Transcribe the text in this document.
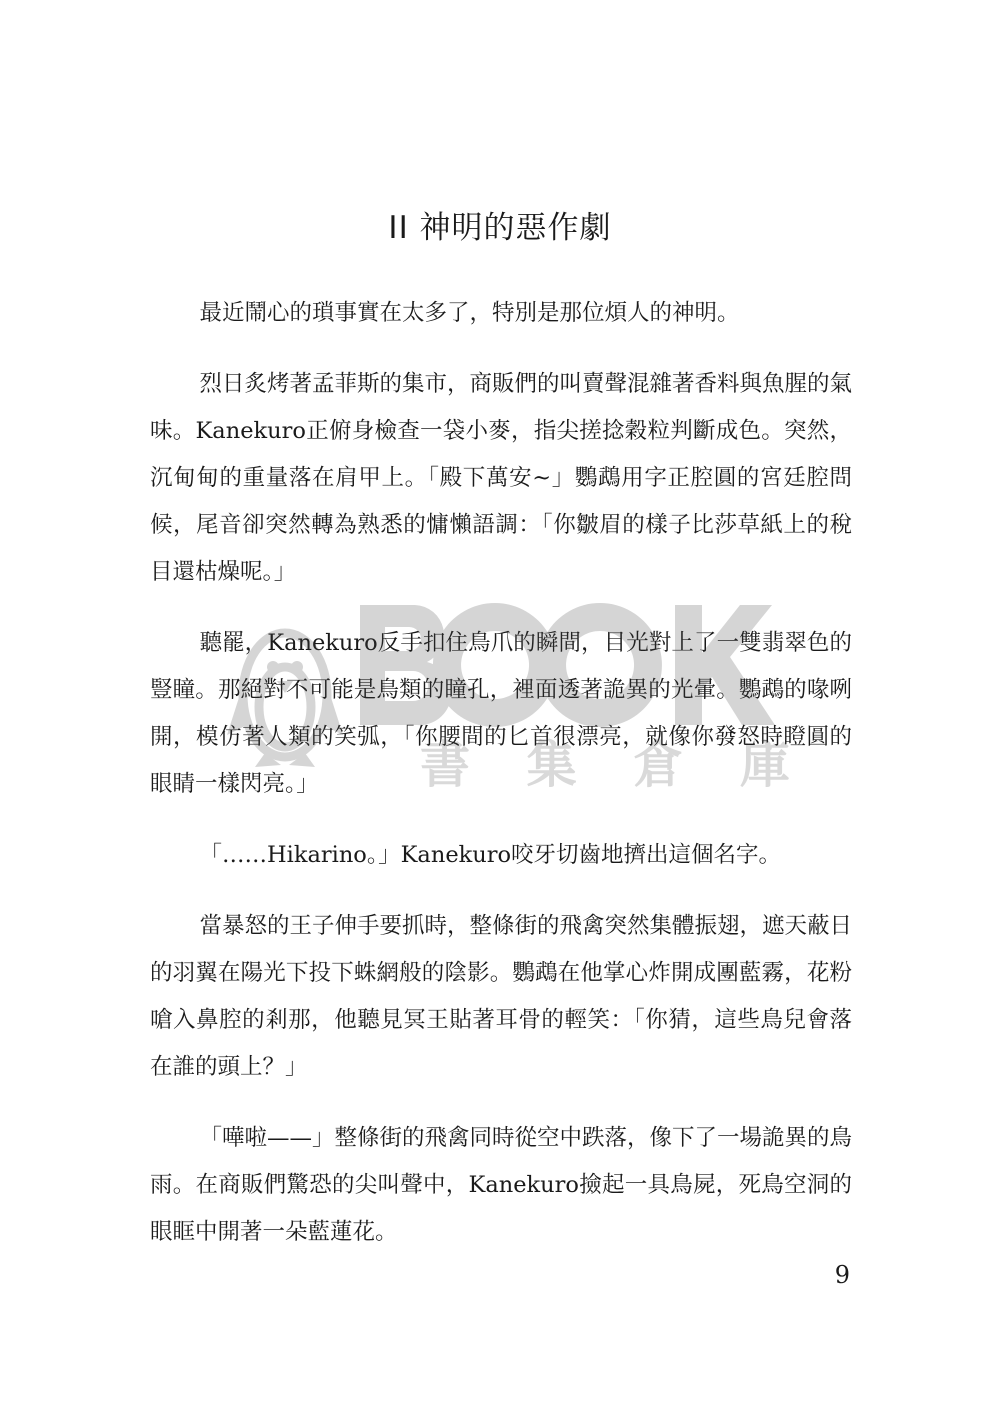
II 神明的惡作劇

最近鬧心的瑣事實在太多了，特別是那位煩人的神明。

烈日炙烤著孟菲斯的集市，商販們的叫賣聲混雜著香料與魚腥的氣味。Kanekuro正俯身檢查一袋小麥，指尖搓捻穀粒判斷成色。突然，沉甸甸的重量落在肩甲上。「殿下萬安~」鸚鵡用字正腔圓的宮廷腔問候，尾音卻突然轉為熟悉的慵懶語調：「你皺眉的樣子比莎草紙上的稅目還枯燥呢。」

聽罷，Kanekuro反手扣住鳥爪的瞬間，目光對上了一雙翡翠色的豎瞳。那絕對不可能是鳥類的瞳孔，裡面透著詭異的光暈。鸚鵡的喙咧開，模仿著人類的笑弧，「你腰間的匕首很漂亮，就像你發怒時瞪圓的眼睛一樣閃亮。」

「……Hikarino。」Kanekuro咬牙切齒地擠出這個名字。

當暴怒的王子伸手要抓時，整條街的飛禽突然集體振翅，遮天蔽日的羽翼在陽光下投下蛛網般的陰影。鸚鵡在他掌心炸開成團藍霧，花粉嗆入鼻腔的剎那，他聽見冥王貼著耳骨的輕笑：「你猜，這些鳥兒會落在誰的頭上？」

「嘩啦——」整條街的飛禽同時從空中跌落，像下了一場詭異的鳥雨。在商販們驚恐的尖叫聲中，Kanekuro撿起一具鳥屍，死鳥空洞的眼眶中開著一朵藍蓮花。

書 集 倉 庫
9
